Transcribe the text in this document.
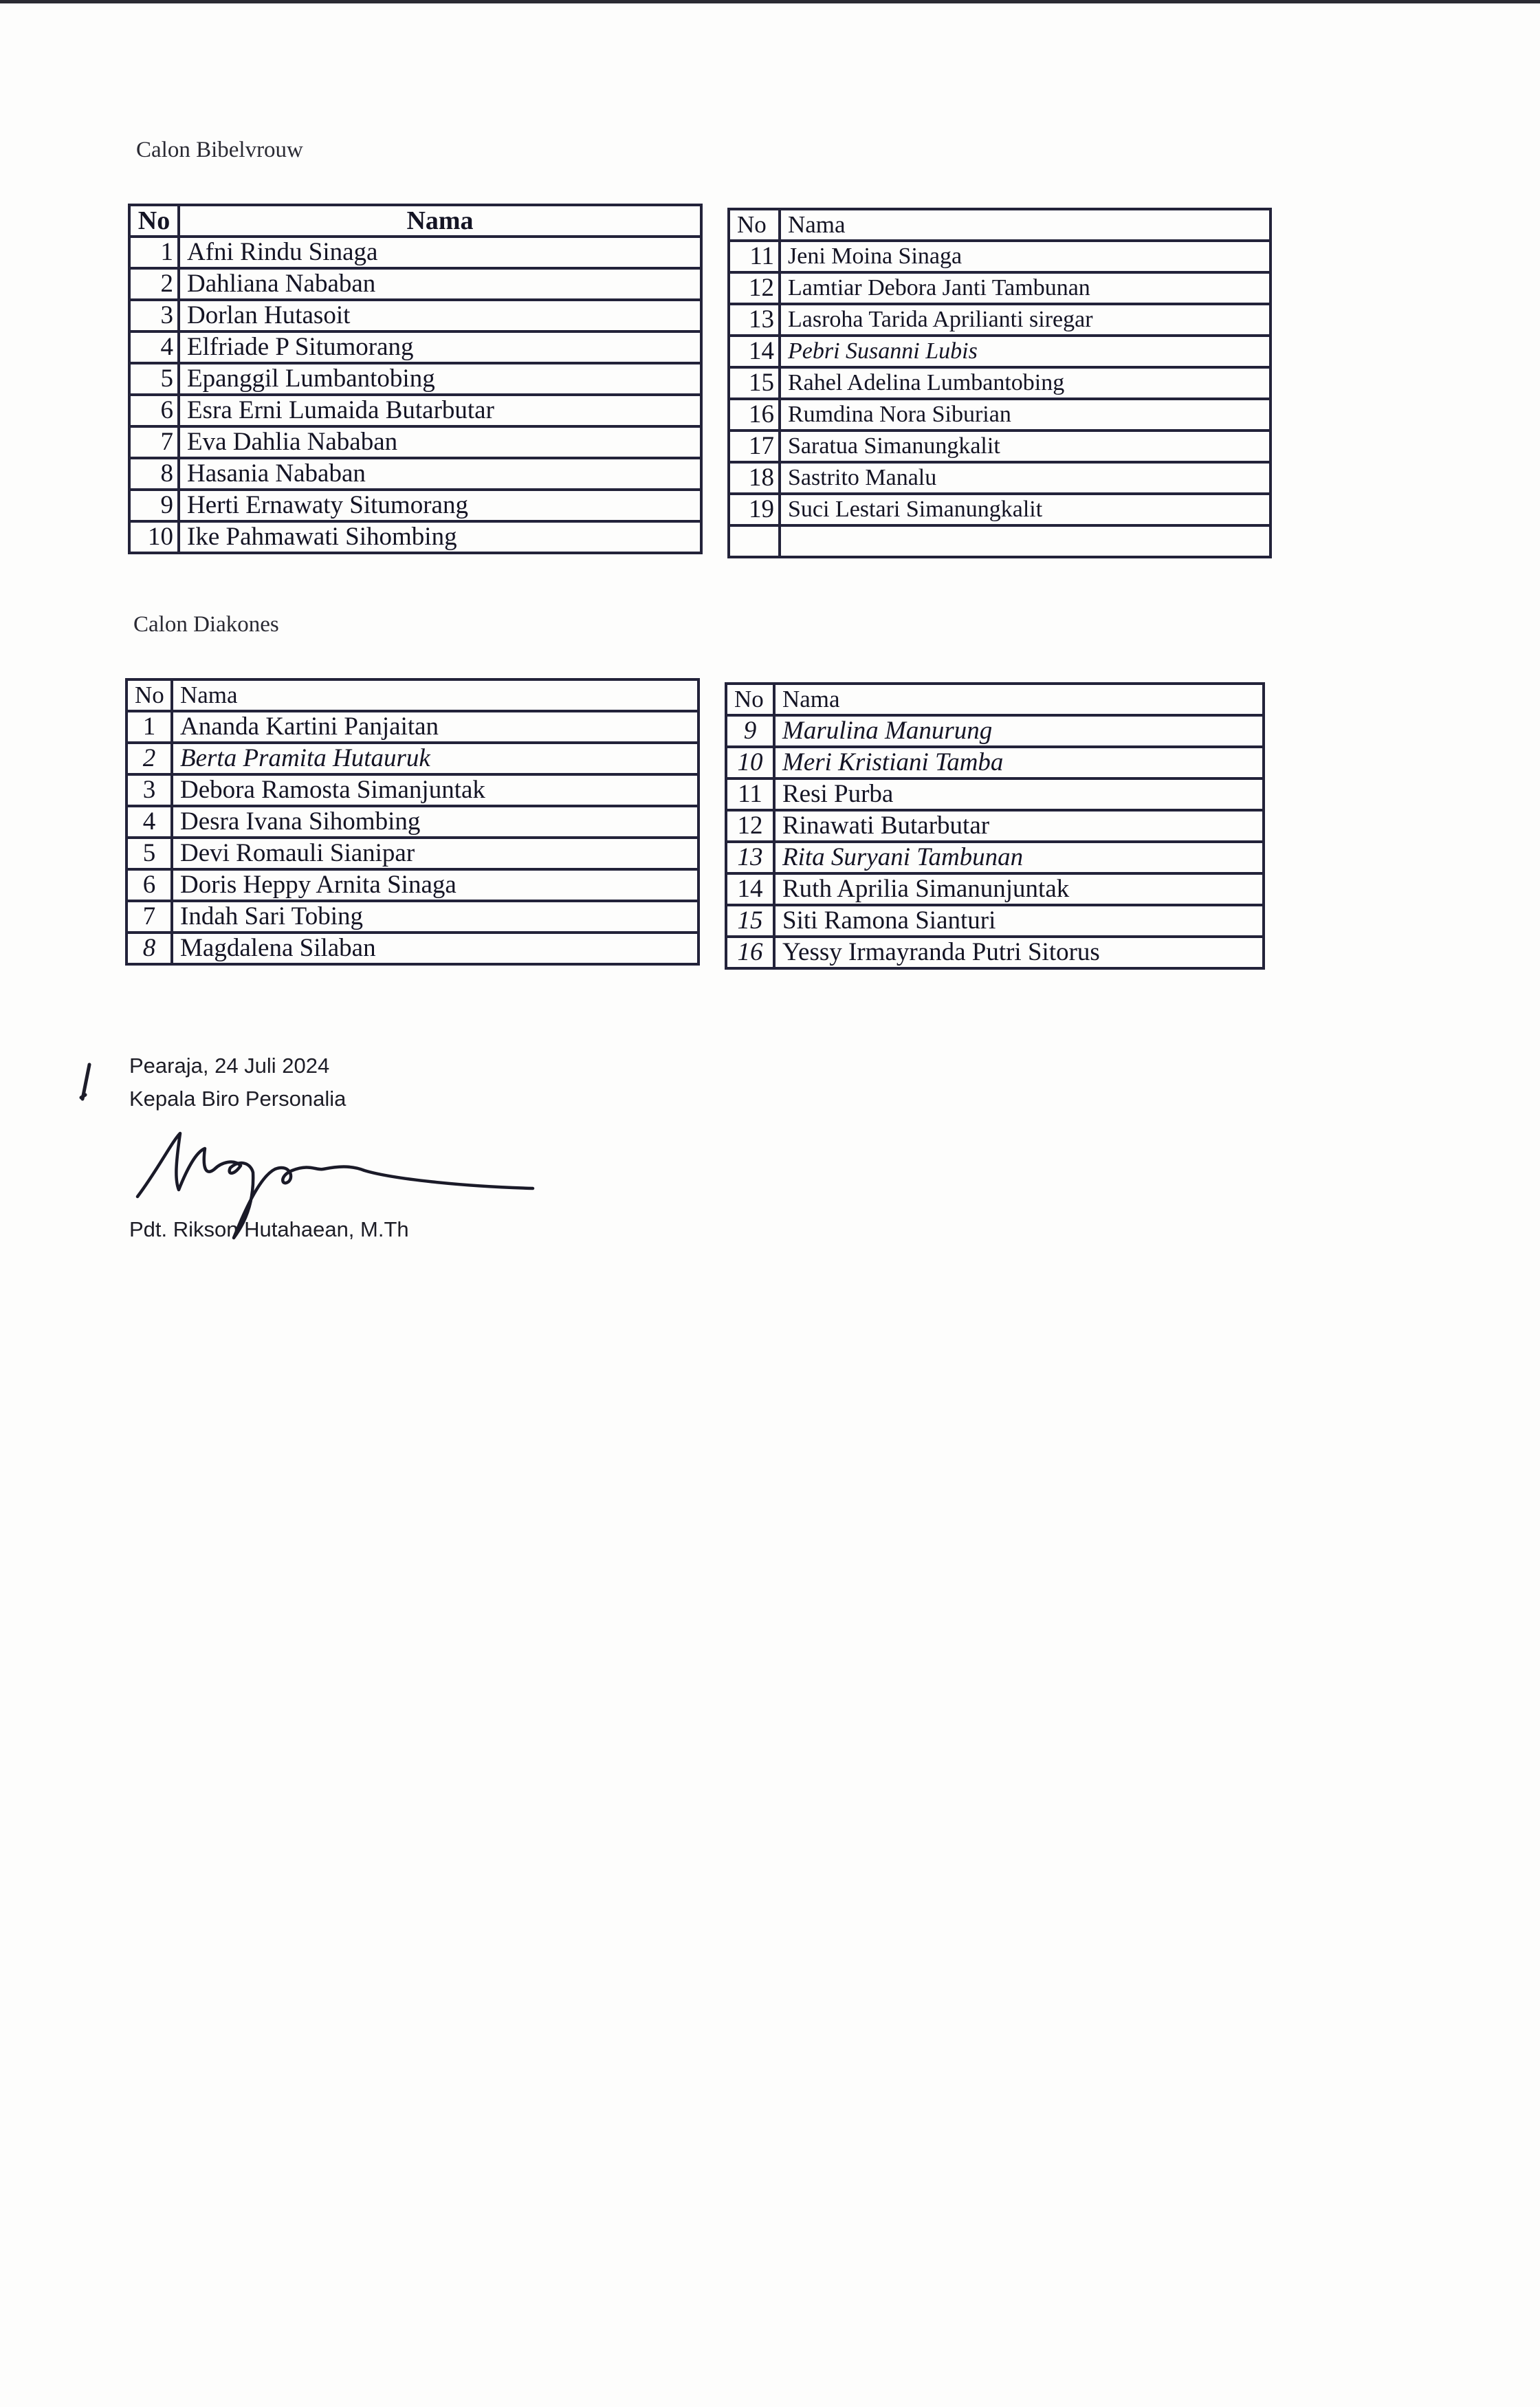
Calon Bibelvrouw
No	Nama
1	Afni Rindu Sinaga
2	Dahliana Nababan
3	Dorlan Hutasoit
4	Elfriade P Situmorang
5	Epanggil Lumbantobing
6	Esra Erni Lumaida Butarbutar
7	Eva Dahlia Nababan
8	Hasania Nababan
9	Herti Ernawaty Situmorang
10	Ike Pahmawati Sihombing
No	Nama
11	Jeni Moina Sinaga
12	Lamtiar Debora Janti Tambunan
13	Lasroha Tarida Aprilianti siregar
14	Pebri Susanni Lubis
15	Rahel Adelina Lumbantobing
16	Rumdina Nora Siburian
17	Saratua Simanungkalit
18	Sastrito Manalu
19	Suci Lestari Simanungkalit

Calon Diakones
No	Nama
1	Ananda Kartini Panjaitan
2	Berta Pramita Hutauruk
3	Debora Ramosta Simanjuntak
4	Desra Ivana Sihombing
5	Devi Romauli Sianipar
6	Doris Heppy Arnita Sinaga
7	Indah Sari Tobing
8	Magdalena Silaban
No	Nama
9	Marulina Manurung
10	Meri Kristiani Tamba
11	Resi Purba
12	Rinawati Butarbutar
13	Rita Suryani Tambunan
14	Ruth Aprilia Simanunjuntak
15	Siti Ramona Sianturi
16	Yessy Irmayranda Putri Sitorus
Pearaja, 24 Juli 2024
Kepala Biro Personalia
Pdt. Rikson Hutahaean, M.Th
